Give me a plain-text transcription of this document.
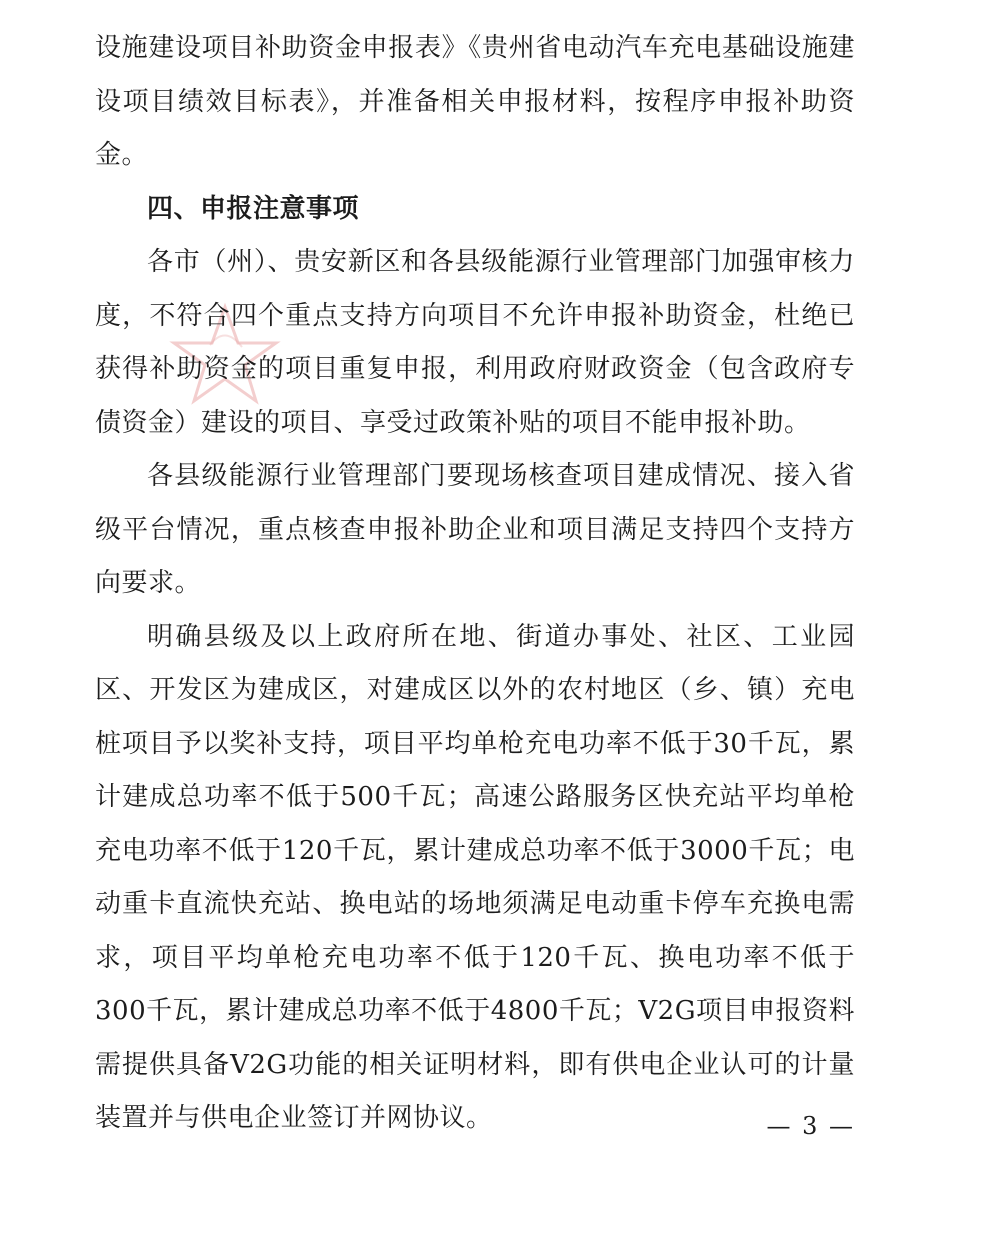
设施建设项目补助资金申报表》《贵州省电动汽车充电基础设施建设项目绩效目标表》，并准备相关申报材料，按程序申报补助资金。

四、申报注意事项

各市（州）、贵安新区和各县级能源行业管理部门加强审核力度，不符合四个重点支持方向项目不允许申报补助资金，杜绝已获得补助资金的项目重复申报，利用政府财政资金（包含政府专债资金）建设的项目、享受过政策补贴的项目不能申报补助。

各县级能源行业管理部门要现场核查项目建成情况、接入省级平台情况，重点核查申报补助企业和项目满足支持四个支持方向要求。

明确县级及以上政府所在地、街道办事处、社区、工业园区、开发区为建成区，对建成区以外的农村地区（乡、镇）充电桩项目予以奖补支持，项目平均单枪充电功率不低于30千瓦，累计建成总功率不低于500千瓦；高速公路服务区快充站平均单枪充电功率不低于120千瓦，累计建成总功率不低于3000千瓦；电动重卡直流快充站、换电站的场地须满足电动重卡停车充换电需求，项目平均单枪充电功率不低于120千瓦、换电功率不低于300千瓦，累计建成总功率不低于4800千瓦；V2G项目申报资料需提供具备V2G功能的相关证明材料，即有供电企业认可的计量装置并与供电企业签订并网协议。	— 3 —
